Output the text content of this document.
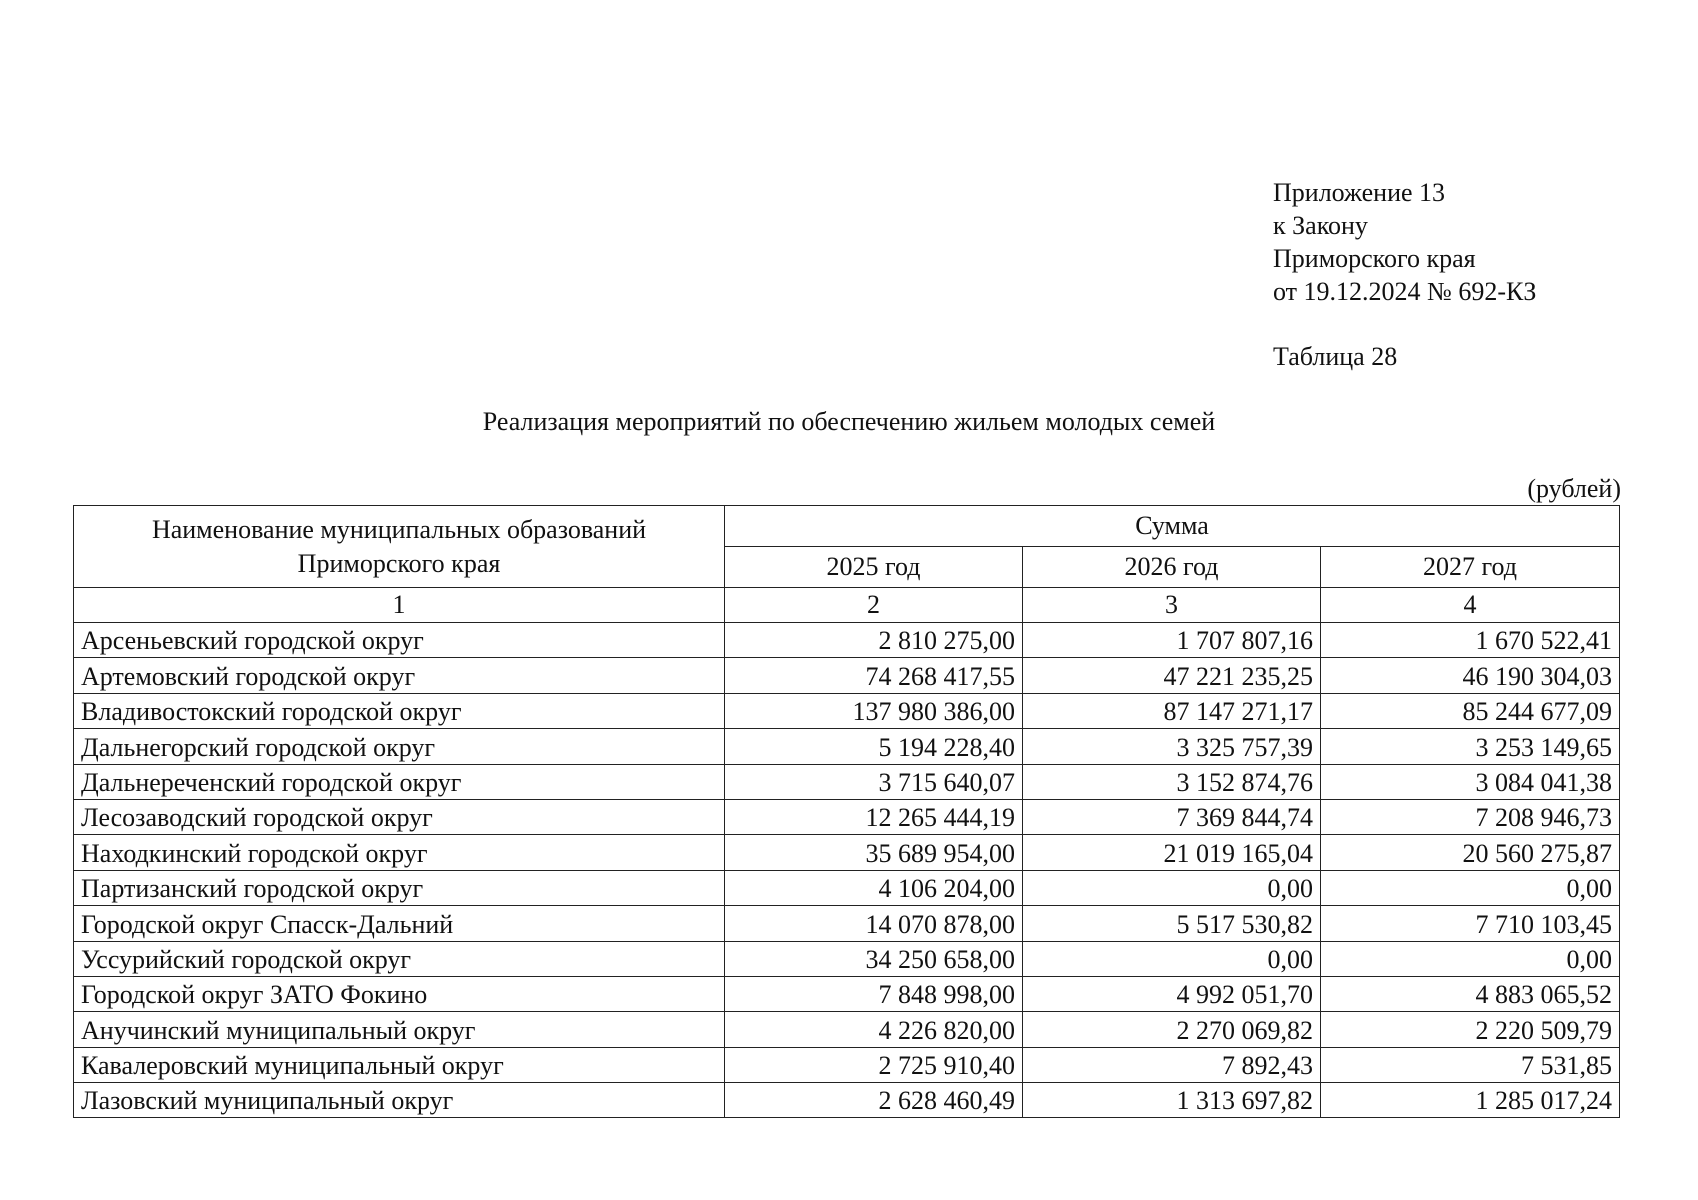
Приложение 13
к Закону
Приморского края
от 19.12.2024 № 692-КЗ
Таблица 28
Реализация мероприятий по обеспечению жильем молодых семей
(рублей)
Наименование муниципальных образований
Приморского края	Сумма		
	2025 год	2026 год	2027 год
1	2	3	4
Арсеньевский городской округ	2 810 275,00	1 707 807,16	1 670 522,41
Артемовский городской округ	74 268 417,55	47 221 235,25	46 190 304,03
Владивостокский городской округ	137 980 386,00	87 147 271,17	85 244 677,09
Дальнегорский городской округ	5 194 228,40	3 325 757,39	3 253 149,65
Дальнереченский городской округ	3 715 640,07	3 152 874,76	3 084 041,38
Лесозаводский городской округ	12 265 444,19	7 369 844,74	7 208 946,73
Находкинский городской округ	35 689 954,00	21 019 165,04	20 560 275,87
Партизанский городской округ	4 106 204,00	0,00	0,00
Городской округ Спасск-Дальний	14 070 878,00	5 517 530,82	7 710 103,45
Уссурийский городской округ	34 250 658,00	0,00	0,00
Городской округ ЗАТО Фокино	7 848 998,00	4 992 051,70	4 883 065,52
Анучинский муниципальный округ	4 226 820,00	2 270 069,82	2 220 509,79
Кавалеровский муниципальный округ	2 725 910,40	7 892,43	7 531,85
Лазовский муниципальный округ	2 628 460,49	1 313 697,82	1 285 017,24
